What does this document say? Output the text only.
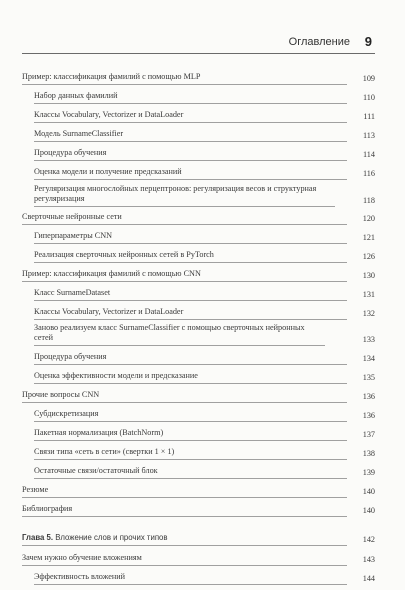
Оглавление 9
Пример: классификация фамилий с помощью MLP	109
Набор данных фамилий	110
Классы Vocabulary, Vectorizer и DataLoader	111
Модель SurnameClassifier	113
Процедура обучения	114
Оценка модели и получение предсказаний	116
Регуляризация многослойных перцептронов: регуляризация весов и структурная регуляризация	118
Сверточные нейронные сети	120
Гиперпараметры CNN	121
Реализация сверточных нейронных сетей в PyTorch	126
Пример: классификация фамилий с помощью CNN	130
Класс SurnameDataset	131
Классы Vocabulary, Vectorizer и DataLoader	132
Заново реализуем класс SurnameClassifier с помощью сверточных нейронных сетей	133
Процедура обучения	134
Оценка эффективности модели и предсказание	135
Прочие вопросы CNN	136
Субдискретизация	136
Пакетная нормализация (BatchNorm)	137
Связи типа «сеть в сети» (свертки 1 × 1)	138
Остаточные связи/остаточный блок	139
Резюме	140
Библиография	140
Глава 5. Вложение слов и прочих типов	142
Зачем нужно обучение вложениям	143
Эффективность вложений	144
